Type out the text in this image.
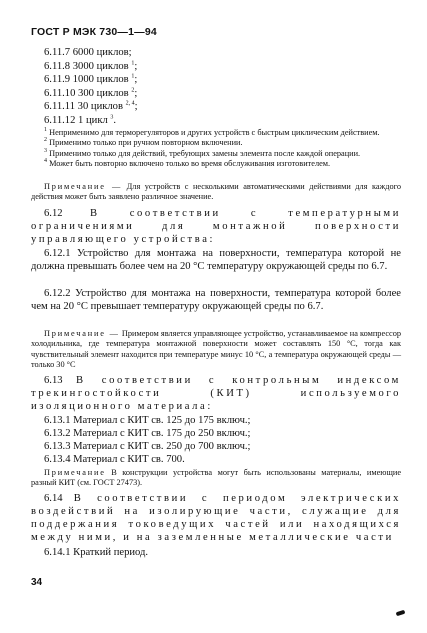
ГОСТ Р МЭК 730—1—94
6.11.7 6000 циклов;
6.11.8 3000 циклов $^1$;
6.11.9 1000 циклов $^1$;
6.11.10 300 циклов $^2$;
6.11.11 30 циклов $^{2, 4}$;
6.11.12 1 цикл $^3$.
$^1$ Неприменимо для терморегуляторов и других устройств с быстрым циклическим действием.
$^2$ Применимо только при ручном повторном включении.
$^3$ Применимо только для действий, требующих замены элемента после каждой операции.
$^4$ Может быть повторно включено только во время обслуживания изготовителем.
Примечание — Для устройств с несколькими автоматическими действиями для каждого действия может быть заявлено различное значение.
6.12	В соответствии с температурными ограничениями для монтажной поверхности управляющего устройства:
6.12.1 Устройство для монтажа на поверхности, температура которой не должна превышать более чем на 20 °С температуру окружающей среды по 6.7.
6.12.2 Устройство для монтажа на поверхности, температура которой более чем на 20 °С превышает температуру окружающей среды по 6.7.
Примечание — Примером является управляющее устройство, устанавливаемое на компрессор холодильника, где температура монтажной поверхности может составлять 150 °С, тогда как чувствительный элемент находится при температуре минус 10 °С, а температура окружающей среды — только 30 °С
6.13 В соответствии с контрольным индексом трекингостойкости (КИТ) используемого изоляционного материала:
6.13.1 Материал с КИТ св. 125 до 175 включ.;
6.13.2 Материал с КИТ св. 175 до 250 включ.;
6.13.3 Материал с КИТ св. 250 до 700 включ.;
6.13.4 Материал с КИТ св. 700.
Примечание В конструкции устройства могут быть использованы материалы, имеющие разный КИТ (см. ГОСТ 27473).
6.14 В соответствии с периодом электрических воздействий на изолирующие части, служащие для поддержания токоведущих частей или находящихся между ними, и на заземленные металлические части
6.14.1 Краткий период.
34
